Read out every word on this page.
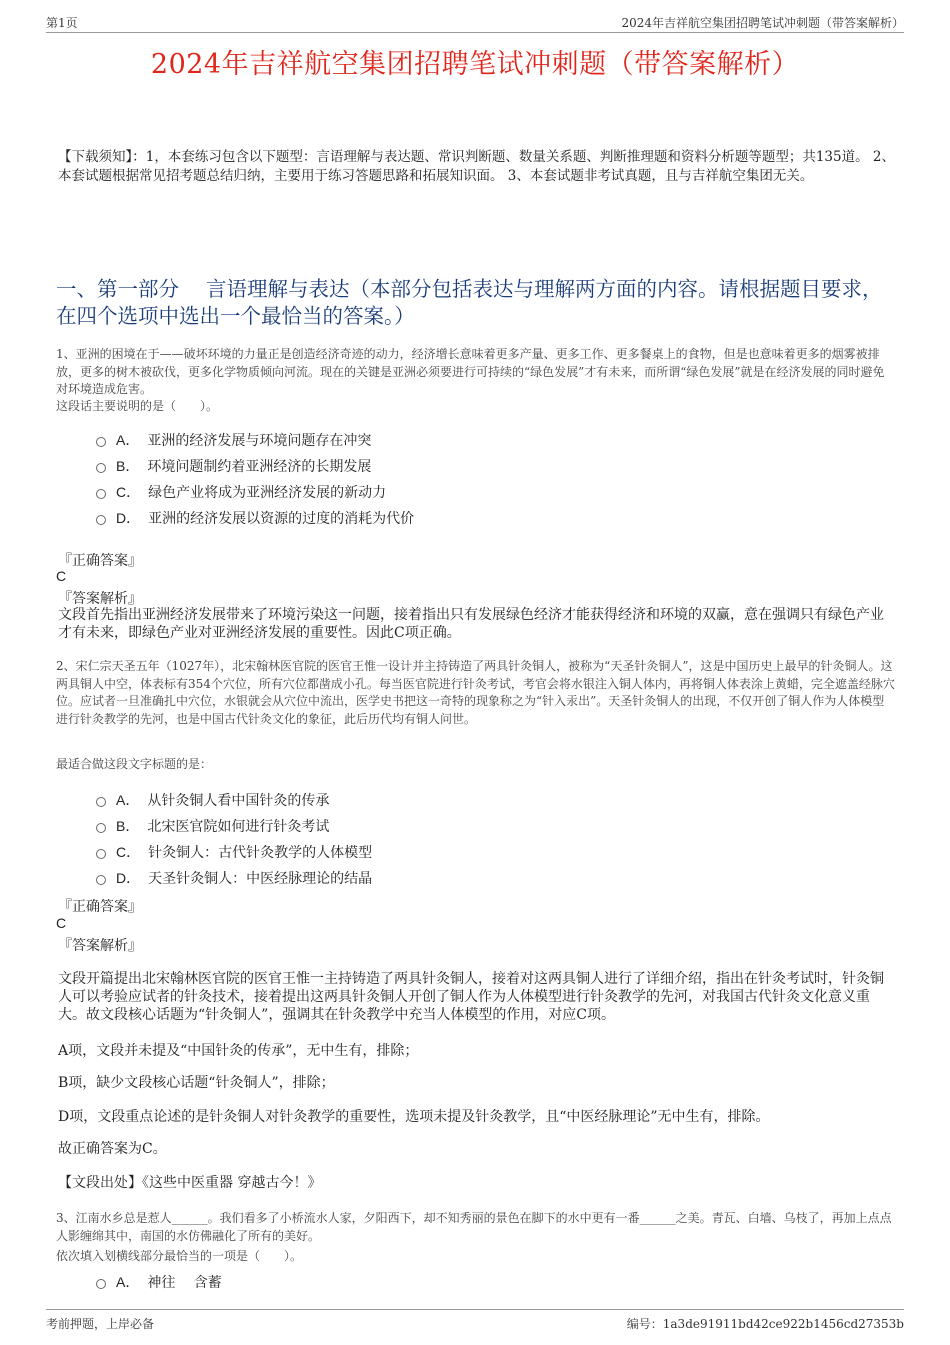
第1页	2024年吉祥航空集团招聘笔试冲刺题（带答案解析）
2024年吉祥航空集团招聘笔试冲刺题（带答案解析）
【下载须知】：1，本套练习包含以下题型：言语理解与表达题、常识判断题、数量关系题、判断推理题和资料分析题等题型；共135道。 2、本套试题根据常见招考题总结归纳，主要用于练习答题思路和拓展知识面。 3、本套试题非考试真题，且与吉祥航空集团无关。
一、第一部分　 言语理解与表达（本部分包括表达与理解两方面的内容。请根据题目要求，在四个选项中选出一个最恰当的答案。）
1、亚洲的困境在于——破坏环境的力量正是创造经济奇迹的动力，经济增长意味着更多产量、更多工作、更多餐桌上的食物，但是也意味着更多的烟雾被排放，更多的树木被砍伐，更多化学物质倾向河流。现在的关键是亚洲必须要进行可持续的“绿色发展”才有未来，而所谓“绿色发展”就是在经济发展的同时避免对环境造成危害。
这段话主要说明的是（　　）。
A． 亚洲的经济发展与环境问题存在冲突
B． 环境问题制约着亚洲经济的长期发展
C． 绿色产业将成为亚洲经济发展的新动力
D． 亚洲的经济发展以资源的过度的消耗为代价
『正确答案』
C
『答案解析』
文段首先指出亚洲经济发展带来了环境污染这一问题，接着指出只有发展绿色经济才能获得经济和环境的双赢，意在强调只有绿色产业才有未来，即绿色产业对亚洲经济发展的重要性。因此C项正确。
2、宋仁宗天圣五年（1027年），北宋翰林医官院的医官王惟一设计并主持铸造了两具针灸铜人，被称为“天圣针灸铜人”，这是中国历史上最早的针灸铜人。这两具铜人中空，体表标有354个穴位，所有穴位都凿成小孔。每当医官院进行针灸考试，考官会将水银注入铜人体内，再将铜人体表涂上黄蜡，完全遮盖经脉穴位。应试者一旦准确扎中穴位，水银就会从穴位中流出，医学史书把这一奇特的现象称之为“针入汞出”。天圣针灸铜人的出现，不仅开创了铜人作为人体模型进行针灸教学的先河，也是中国古代针灸文化的象征，此后历代均有铜人问世。
最适合做这段文字标题的是：
A． 从针灸铜人看中国针灸的传承
B． 北宋医官院如何进行针灸考试
C． 针灸铜人：古代针灸教学的人体模型
D． 天圣针灸铜人：中医经脉理论的结晶
『正确答案』
C
『答案解析』
文段开篇提出北宋翰林医官院的医官王惟一主持铸造了两具针灸铜人，接着对这两具铜人进行了详细介绍，指出在针灸考试时，针灸铜人可以考验应试者的针灸技术，接着提出这两具针灸铜人开创了铜人作为人体模型进行针灸教学的先河，对我国古代针灸文化意义重大。故文段核心话题为“针灸铜人”，强调其在针灸教学中充当人体模型的作用，对应C项。
A项，文段并未提及“中国针灸的传承”，无中生有，排除；
B项，缺少文段核心话题“针灸铜人”，排除；
D项，文段重点论述的是针灸铜人对针灸教学的重要性，选项未提及针灸教学，且“中医经脉理论”无中生有，排除。
故正确答案为C。
【文段出处】《这些中医重器 穿越古今！》
3、江南水乡总是惹人______。我们看多了小桥流水人家，夕阳西下，却不知秀丽的景色在脚下的水中更有一番______之美。青瓦、白墙、乌枝了，再加上点点人影缠绵其中，南国的水仿佛融化了所有的美好。
依次填入划横线部分最恰当的一项是（　　）。
A． 神往　 含蓄
考前押题，上岸必备	编号：1a3de91911bd42ce922b1456cd27353b
